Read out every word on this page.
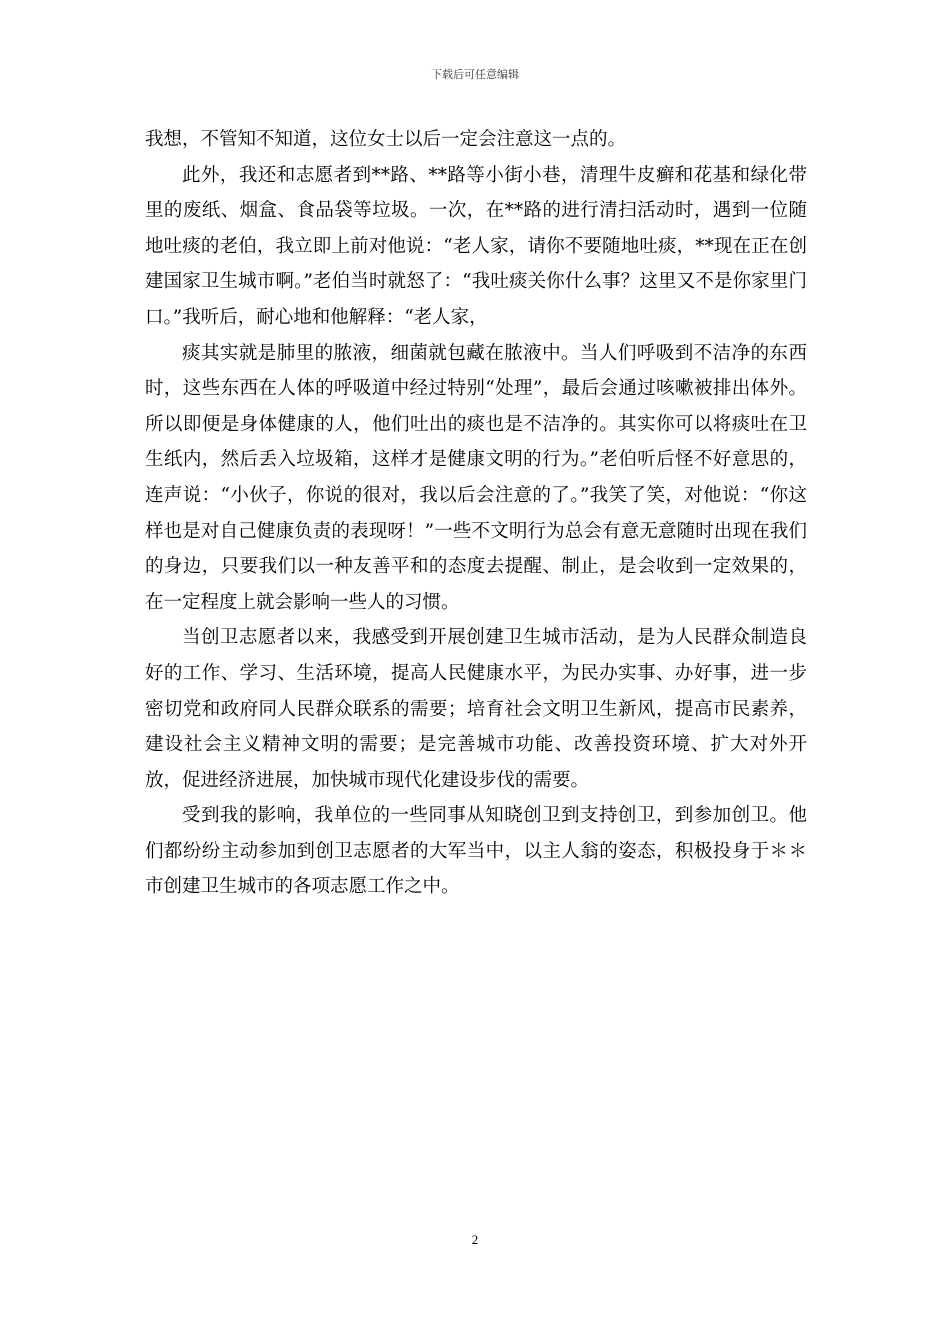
下载后可任意编辑

我想，不管知不知道，这位女士以后一定会注意这一点的。

此外，我还和志愿者到**路、**路等小街小巷，清理牛皮癣和花基和绿化带里的废纸、烟盒、食品袋等垃圾。一次，在**路的进行清扫活动时，遇到一位随地吐痰的老伯，我立即上前对他说：“老人家，请你不要随地吐痰，**现在正在创建国家卫生城市啊。”老伯当时就怒了：“我吐痰关你什么事？这里又不是你家里门口。”我听后，耐心地和他解释：“老人家，

痰其实就是肺里的脓液，细菌就包藏在脓液中。当人们呼吸到不洁净的东西时，这些东西在人体的呼吸道中经过特别“处理”，最后会通过咳嗽被排出体外。所以即便是身体健康的人，他们吐出的痰也是不洁净的。其实你可以将痰吐在卫生纸内，然后丢入垃圾箱，这样才是健康文明的行为。”老伯听后怪不好意思的，连声说：“小伙子，你说的很对，我以后会注意的了。”我笑了笑，对他说：“你这样也是对自己健康负责的表现呀！”一些不文明行为总会有意无意随时出现在我们的身边，只要我们以一种友善平和的态度去提醒、制止，是会收到一定效果的，在一定程度上就会影响一些人的习惯。

当创卫志愿者以来，我感受到开展创建卫生城市活动，是为人民群众制造良好的工作、学习、生活环境，提高人民健康水平，为民办实事、办好事，进一步密切党和政府同人民群众联系的需要；培育社会文明卫生新风，提高市民素养，建设社会主义精神文明的需要；是完善城市功能、改善投资环境、扩大对外开放，促进经济进展，加快城市现代化建设步伐的需要。

受到我的影响，我单位的一些同事从知晓创卫到支持创卫，到参加创卫。他们都纷纷主动参加到创卫志愿者的大军当中，以主人翁的姿态，积极投身于＊＊市创建卫生城市的各项志愿工作之中。

2
